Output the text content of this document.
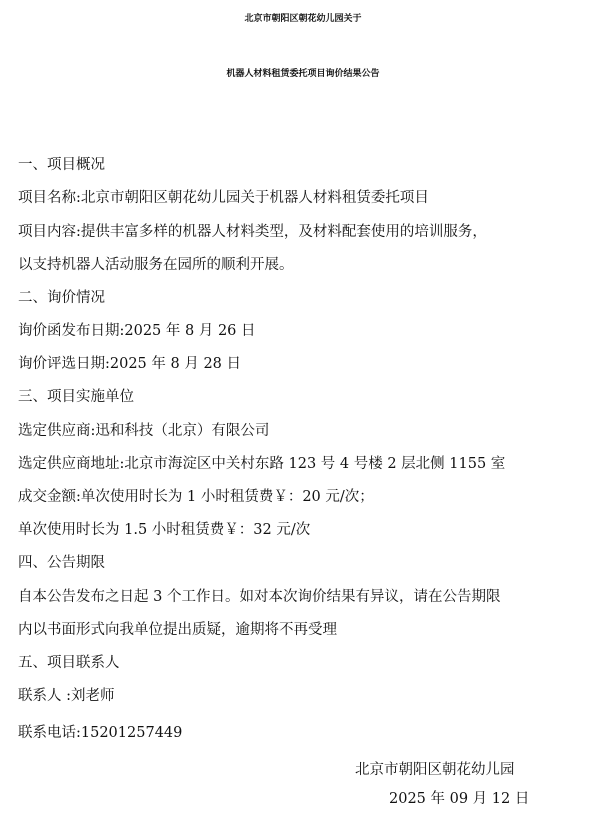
北京市朝阳区朝花幼儿园关于
机器人材料租赁委托项目询价结果公告
一、项目概况
项目名称:北京市朝阳区朝花幼儿园关于机器人材料租赁委托项目
项目内容:提供丰富多样的机器人材料类型，及材料配套使用的培训服务，
以支持机器人活动服务在园所的顺利开展。
二、询价情况
询价函发布日期:2025 年 8 月 26 日
询价评选日期:2025 年 8 月 28 日
三、项目实施单位
选定供应商:迅和科技（北京）有限公司
选定供应商地址:北京市海淀区中关村东路 123 号 4 号楼 2 层北侧 1155 室
成交金额:单次使用时长为 1 小时租赁费￥：20 元/次；
单次使用时长为 1.5 小时租赁费￥：32 元/次
四、公告期限
自本公告发布之日起 3 个工作日。如对本次询价结果有异议，请在公告期限
内以书面形式向我单位提出质疑，逾期将不再受理
五、项目联系人
联系人 :刘老师
联系电话:15201257449
北京市朝阳区朝花幼儿园
2025 年 09 月 12 日
